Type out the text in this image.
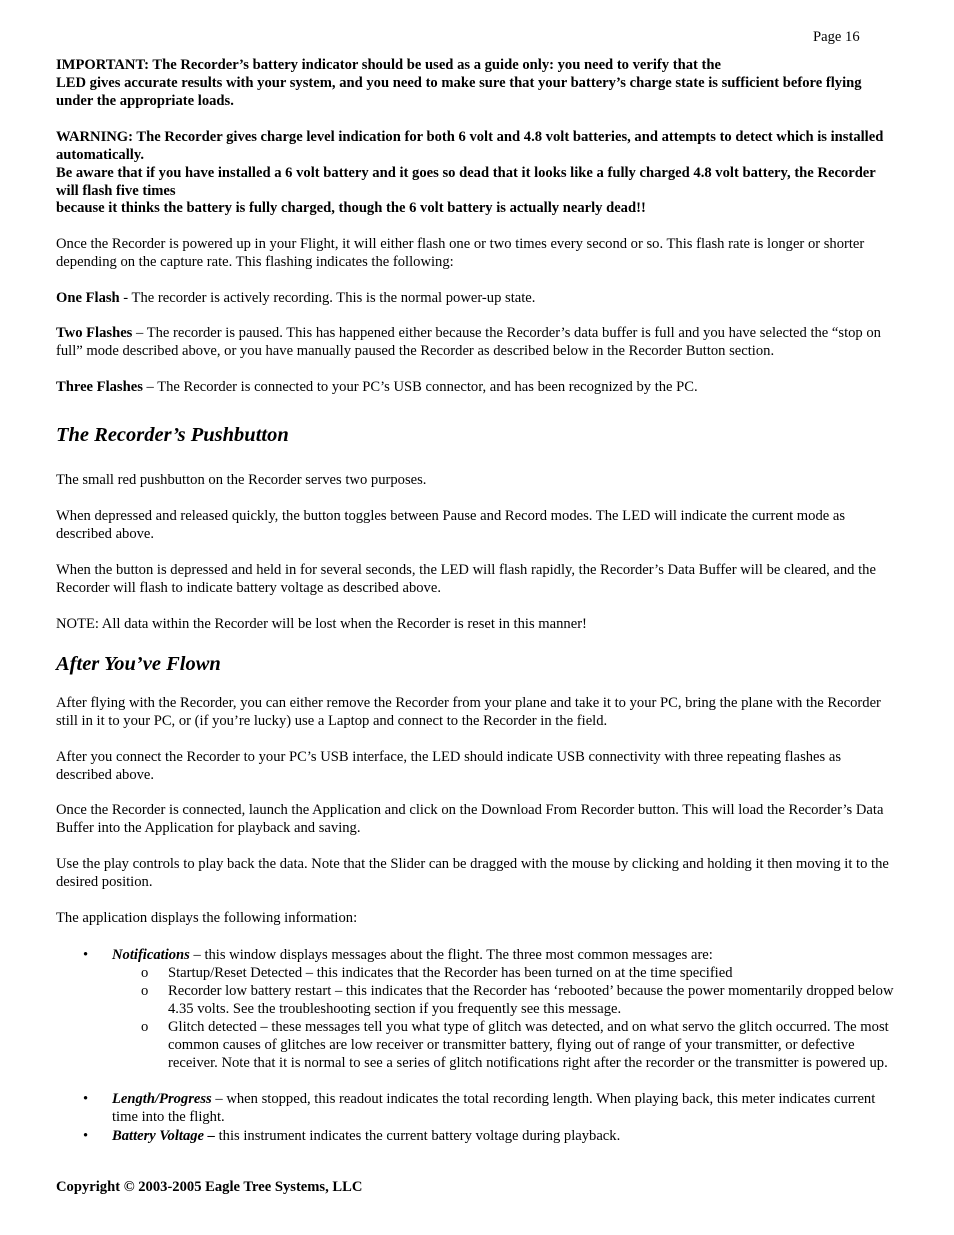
Page 16

IMPORTANT: The Recorder’s battery indicator should be used as a guide only: you need to verify that the

LED gives accurate results with your system, and you need to make sure that your battery’s charge state is sufficient before flying under the appropriate loads.

WARNING: The Recorder gives charge level indication for both 6 volt and 4.8 volt batteries, and attempts to detect which is installed automatically.

Be aware that if you have installed a 6 volt battery and it goes so dead that it looks like a fully charged 4.8 volt battery, the Recorder will flash five times

because it thinks the battery is fully charged, though the 6 volt battery is actually nearly dead!!

Once the Recorder is powered up in your Flight, it will either flash one or two times every second or so. This flash rate is longer or shorter depending on the capture rate. This flashing indicates the following:

One Flash - The recorder is actively recording. This is the normal power-up state.

Two Flashes – The recorder is paused. This has happened either because the Recorder’s data buffer is full and you have selected the “stop on full” mode described above, or you have manually paused the Recorder as described below in the Recorder Button section.

Three Flashes – The Recorder is connected to your PC’s USB connector, and has been recognized by the PC.

The Recorder’s Pushbutton

The small red pushbutton on the Recorder serves two purposes.

When depressed and released quickly, the button toggles between Pause and Record modes. The LED will indicate the current mode as described above.

When the button is depressed and held in for several seconds, the LED will flash rapidly, the Recorder’s Data Buffer will be cleared, and the Recorder will flash to indicate battery voltage as described above.

NOTE: All data within the Recorder will be lost when the Recorder is reset in this manner!

After You’ve Flown

After flying with the Recorder, you can either remove the Recorder from your plane and take it to your PC, bring the plane with the Recorder still in it to your PC, or (if you’re lucky) use a Laptop and connect to the Recorder in the field.

After you connect the Recorder to your PC’s USB interface, the LED should indicate USB connectivity with three repeating flashes as described above.

Once the Recorder is connected, launch the Application and click on the Download From Recorder button. This will load the Recorder’s Data Buffer into the Application for playback and saving.

Use the play controls to play back the data. Note that the Slider can be dragged with the mouse by clicking and holding it then moving it to the desired position.

The application displays the following information:

• Notifications – this window displays messages about the flight. The three most common messages are:
o Startup/Reset Detected – this indicates that the Recorder has been turned on at the time specified
o Recorder low battery restart – this indicates that the Recorder has ‘rebooted’ because the power momentarily dropped below 4.35 volts. See the troubleshooting section if you frequently see this message.
o Glitch detected – these messages tell you what type of glitch was detected, and on what servo the glitch occurred. The most common causes of glitches are low receiver or transmitter battery, flying out of range of your transmitter, or defective receiver. Note that it is normal to see a series of glitch notifications right after the recorder or the transmitter is powered up.
• Length/Progress – when stopped, this readout indicates the total recording length. When playing back, this meter indicates current time into the flight.
• Battery Voltage – this instrument indicates the current battery voltage during playback.

Copyright © 2003-2005 Eagle Tree Systems, LLC
